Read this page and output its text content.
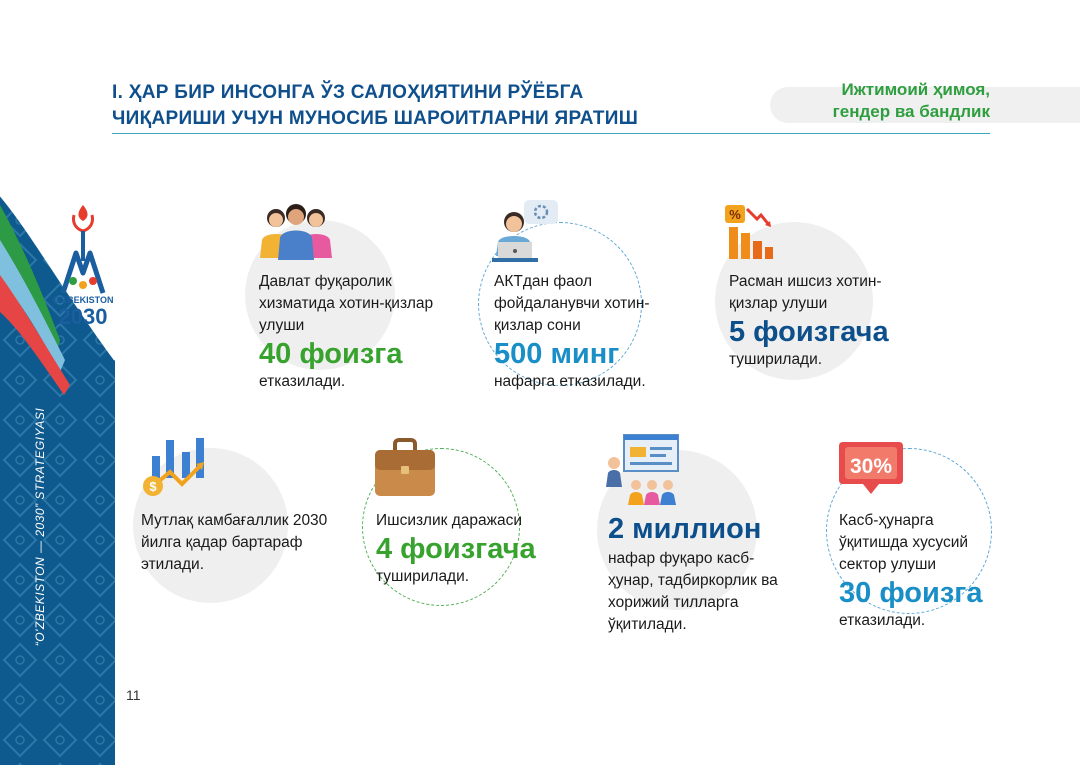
O'ZBEKISTON
2030
“O'ZBEKISTON — 2030” STRATEGIYASI
11
I. ҲАР БИР ИНСОНГА ЎЗ САЛОҲИЯТИНИ РЎЁБГА
ЧИҚАРИШИ УЧУН МУНОСИБ ШАРОИТЛАРНИ ЯРАТИШ
Ижтимоий ҳимоя,
гендер ва бандлик
Давлат фуқаролик хизматида хотин-қизлар улуши
40 фоизга
етказилади.
АКТдан фаол фойдаланувчи хотин-қизлар сони
500 минг
нафарга етказилади.
%
Расман ишсиз хотин-қизлар улуши
5 фоизгача
туширилади.
$
Мутлақ камбағаллик 2030 йилга қадар бартараф этилади.
Ишсизлик даражаси
4 фоизгача
туширилади.
2 миллион
нафар фуқаро касб-ҳунар, тадбиркорлик ва хорижий тилларга ўқитилади.
30%
Касб-ҳунарга ўқитишда хусусий сектор улуши
30 фоизга
етказилади.
